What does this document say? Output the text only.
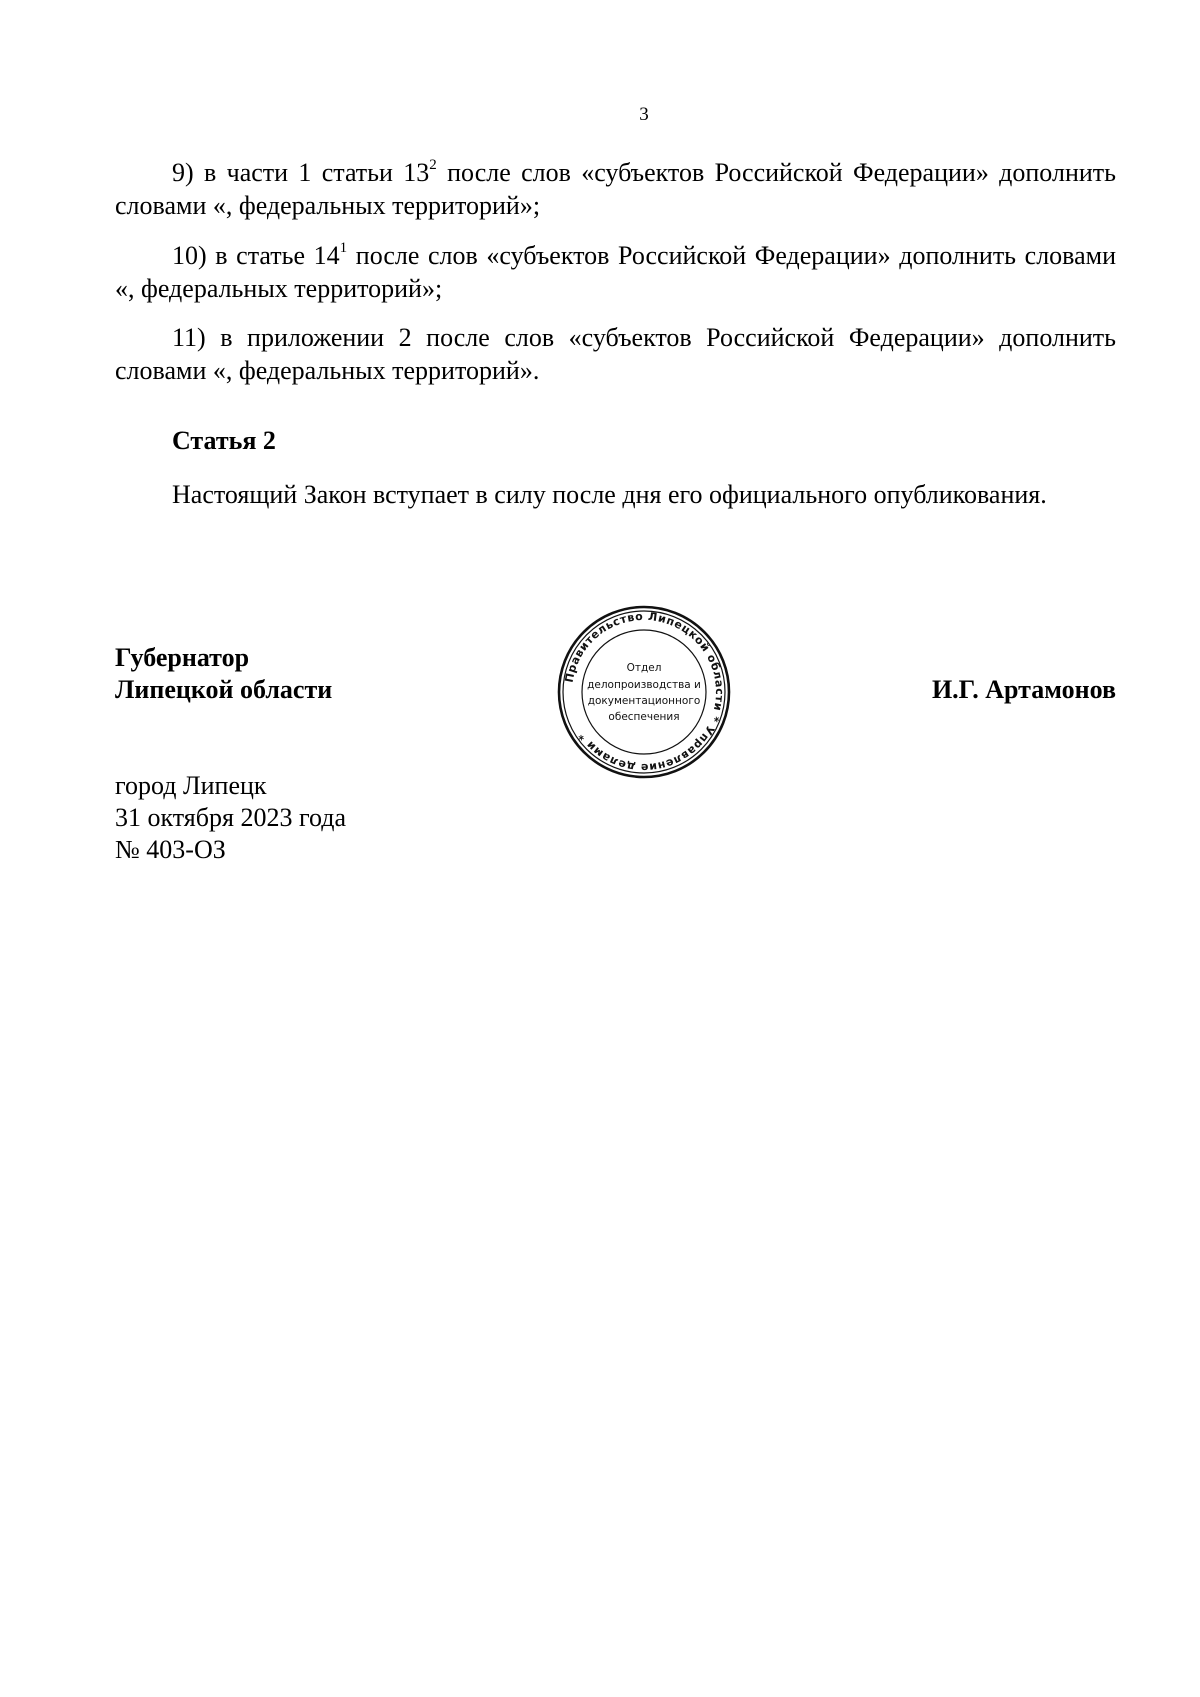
3

9) в части 1 статьи $13^2$ после слов «субъектов Российской Федерации» дополнить словами «, федеральных территорий»;

10) в статье $14^1$ после слов «субъектов Российской Федерации» дополнить словами «, федеральных территорий»;

11) в приложении 2 после слов «субъектов Российской Федерации» дополнить словами «, федеральных территорий».

Статья 2

Настоящий Закон вступает в силу после дня его официального опубликования.

Губернатор
Липецкой области	Правительство Липецкой области * Управление делами *
Отдел
делопроизводства и
документационного
обеспечения
И.Г. Артамонов
город Липецк
31 октября 2023 года
№ 403-ОЗ
